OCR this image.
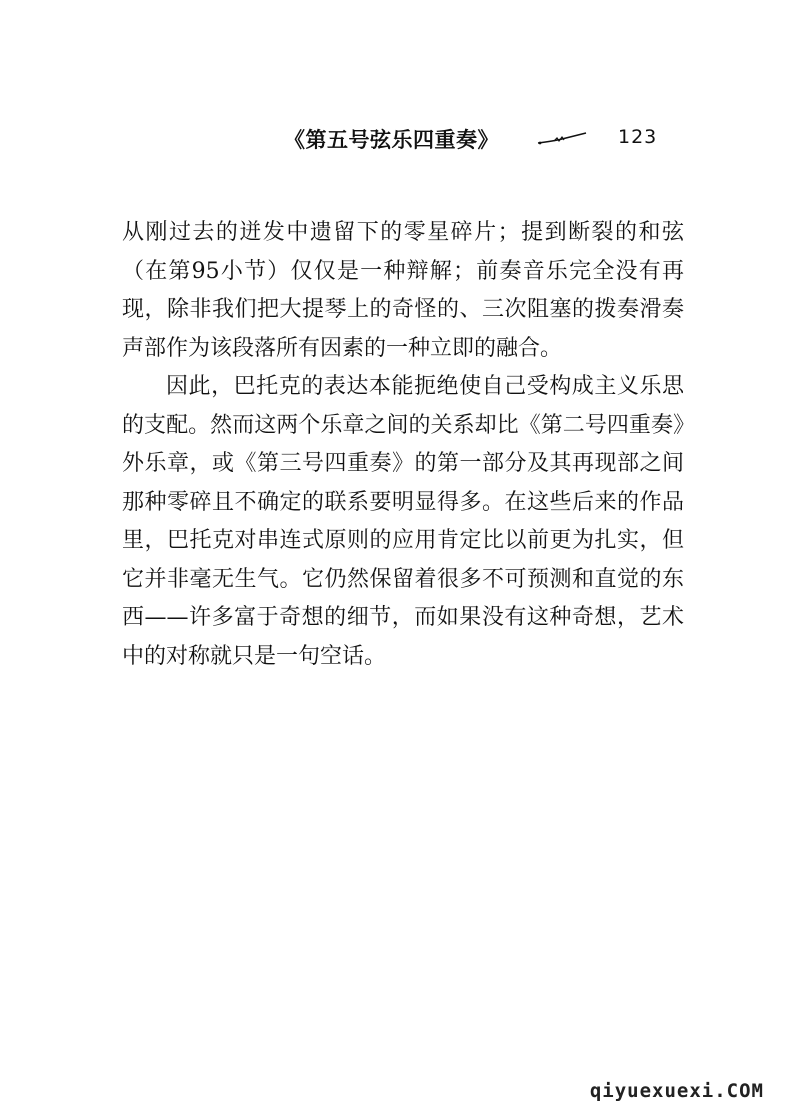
《第五号弦乐四重奏》	123

从刚过去的迸发中遗留下的零星碎片；提到断裂的和弦（在第95小节）仅仅是一种辩解；前奏音乐完全没有再现，除非我们把大提琴上的奇怪的、三次阻塞的拨奏滑奏声部作为该段落所有因素的一种立即的融合。

因此，巴托克的表达本能扼绝使自己受构成主义乐思的支配。然而这两个乐章之间的关系却比《第二号四重奏》外乐章，或《第三号四重奏》的第一部分及其再现部之间那种零碎且不确定的联系要明显得多。在这些后来的作品里，巴托克对串连式原则的应用肯定比以前更为扎实，但它并非毫无生气。它仍然保留着很多不可预测和直觉的东西——许多富于奇想的细节，而如果没有这种奇想，艺术中的对称就只是一句空话。

qiyuexuexi.COM
